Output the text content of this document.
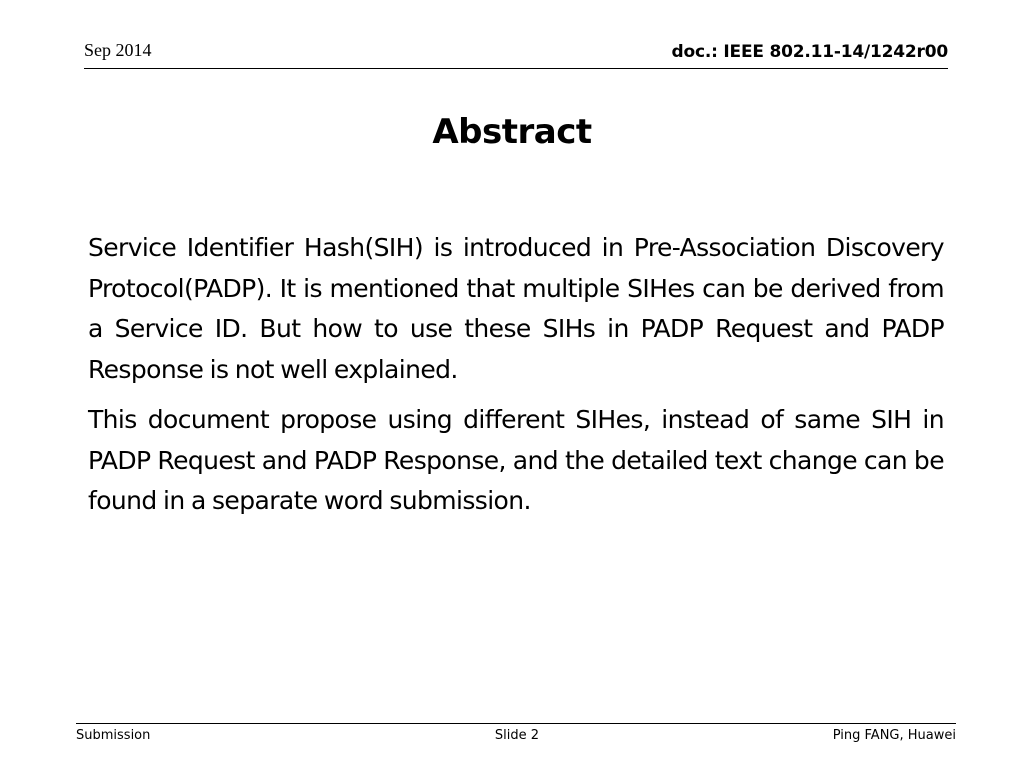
Sep 2014	doc.: IEEE 802.11-14/1242r00
Abstract

Service Identifier Hash(SIH) is introduced in Pre-Association Discovery Protocol(PADP). It is mentioned that multiple SIHes can be derived from a Service ID. But how to use these SIHs in PADP Request and PADP Response is not well explained.

This document propose using different SIHes, instead of same SIH in PADP Request and PADP Response, and the detailed text change can be found in a separate word submission.

Submission	Slide 2	Ping FANG, Huawei
